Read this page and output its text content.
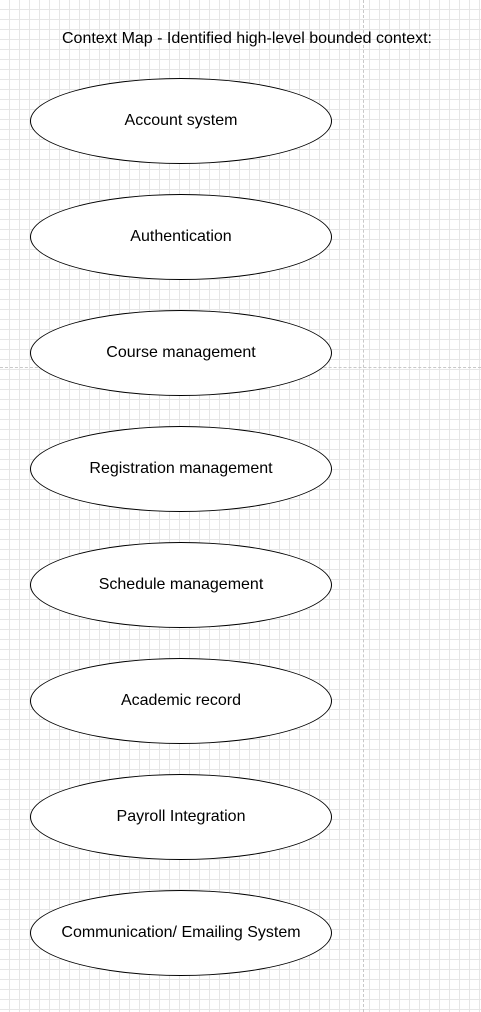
Context Map - Identified high-level bounded context:
Account system
Authentication
Course management
Registration management
Schedule management
Academic record
Payroll Integration
Communication/ Emailing System
